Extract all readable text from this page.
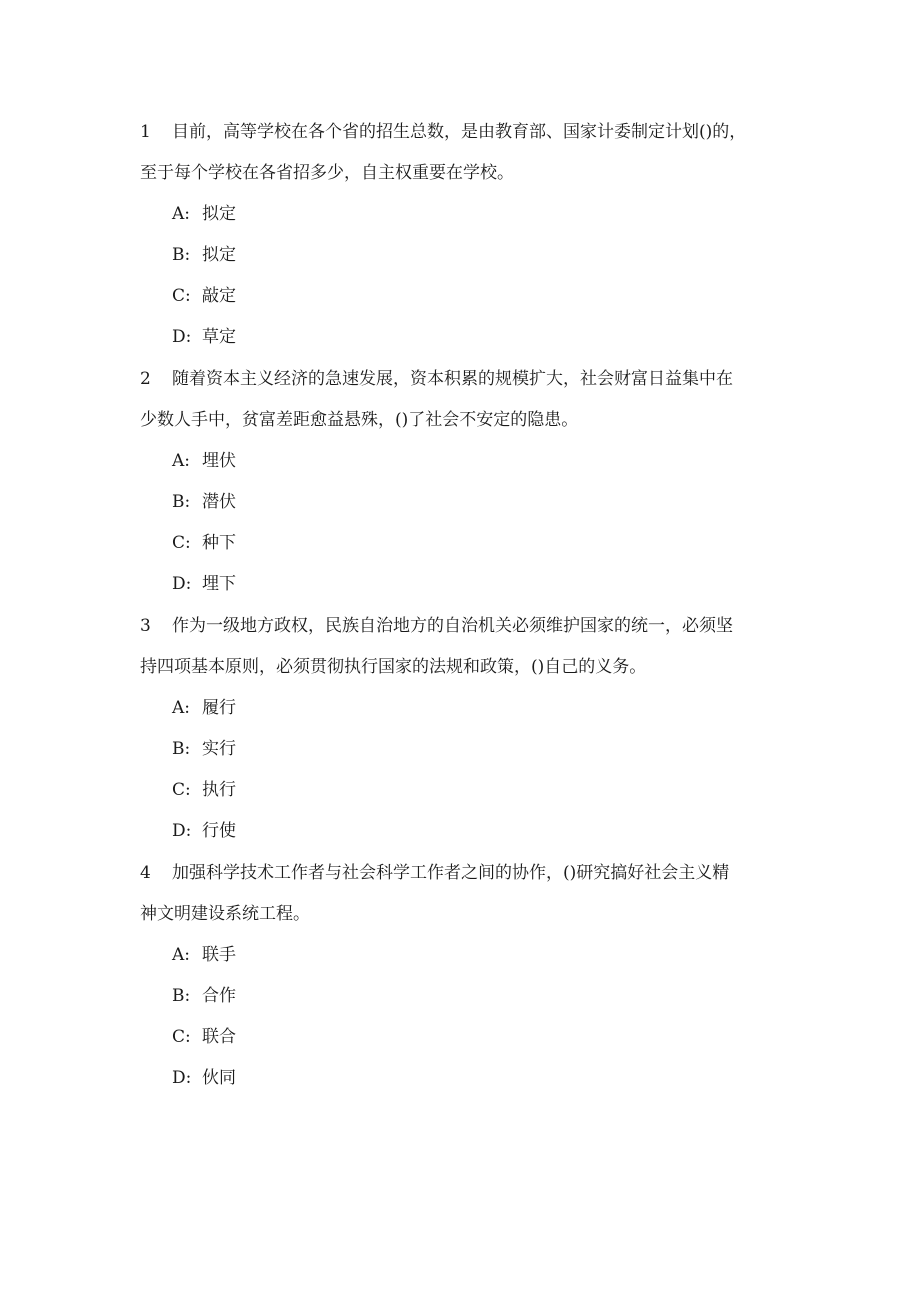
1 目前，高等学校在各个省的招生总数，是由教育部、国家计委制定计划()的，
至于每个学校在各省招多少，自主权重要在学校。
A: 拟定
B: 拟定
C: 敲定
D: 草定
2 随着资本主义经济的急速发展，资本积累的规模扩大，社会财富日益集中在
少数人手中，贫富差距愈益悬殊，()了社会不安定的隐患。
A: 埋伏
B: 潜伏
C: 种下
D: 埋下
3 作为一级地方政权，民族自治地方的自治机关必须维护国家的统一，必须坚
持四项基本原则，必须贯彻执行国家的法规和政策，()自己的义务。
A: 履行
B: 实行
C: 执行
D: 行使
4 加强科学技术工作者与社会科学工作者之间的协作，()研究搞好社会主义精
神文明建设系统工程。
A: 联手
B: 合作
C: 联合
D: 伙同
